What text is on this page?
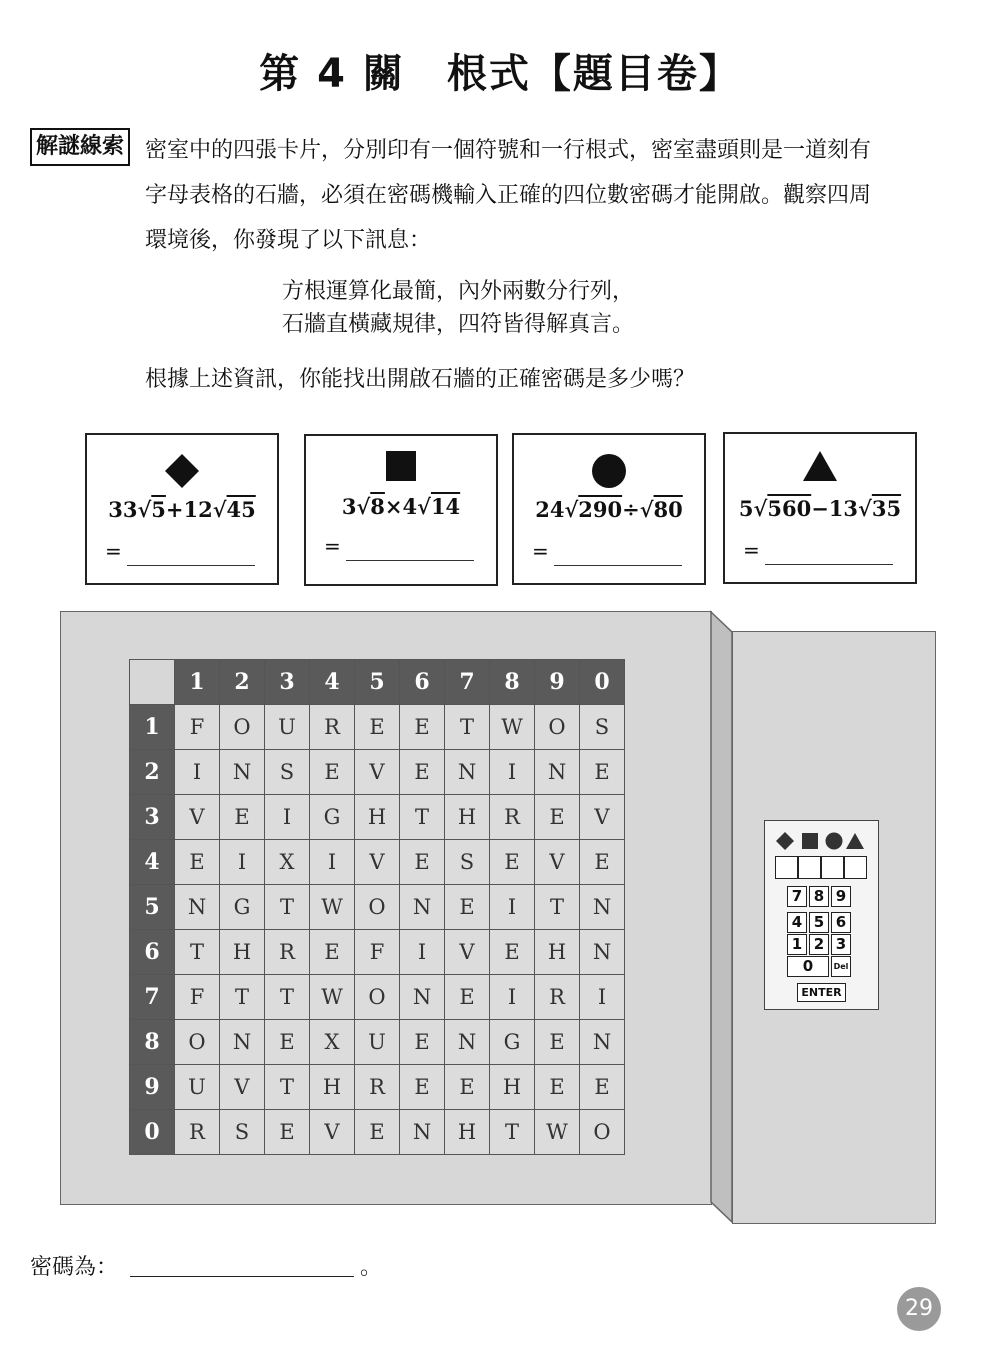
第 4 關　根式【題目卷】
解謎線索 密室中的四張卡片，分別印有一個符號和一行根式，密室盡頭則是一道刻有

字母表格的石牆，必須在密碼機輸入正確的四位數密碼才能開啟。觀察四周

環境後，你發現了以下訊息：

方根運算化最簡，內外兩數分行列，
石牆直橫藏規律，四符皆得解真言。
根據上述資訊，你能找出開啟石牆的正確密碼是多少嗎？
33√5+12√45
=
3√8×4√14
=
24√290÷√80
=
5√560−13√35
=
	1	2	3	4	5	6	7	8	9	0
1	F	O	U	R	E	E	T	W	O	S
2	I	N	S	E	V	E	N	I	N	E
3	V	E	I	G	H	T	H	R	E	V
4	E	I	X	I	V	E	S	E	V	E
5	N	G	T	W	O	N	E	I	T	N
6	T	H	R	E	F	I	V	E	H	N
7	F	T	T	W	O	N	E	I	R	I
8	O	N	E	X	U	E	N	G	E	N
9	U	V	T	H	R	E	E	H	E	E
0	R	S	E	V	E	N	H	T	W	O
7 8 9
4 5 6
1 2 3
0	Del
ENTER
密碼為：	。
29
